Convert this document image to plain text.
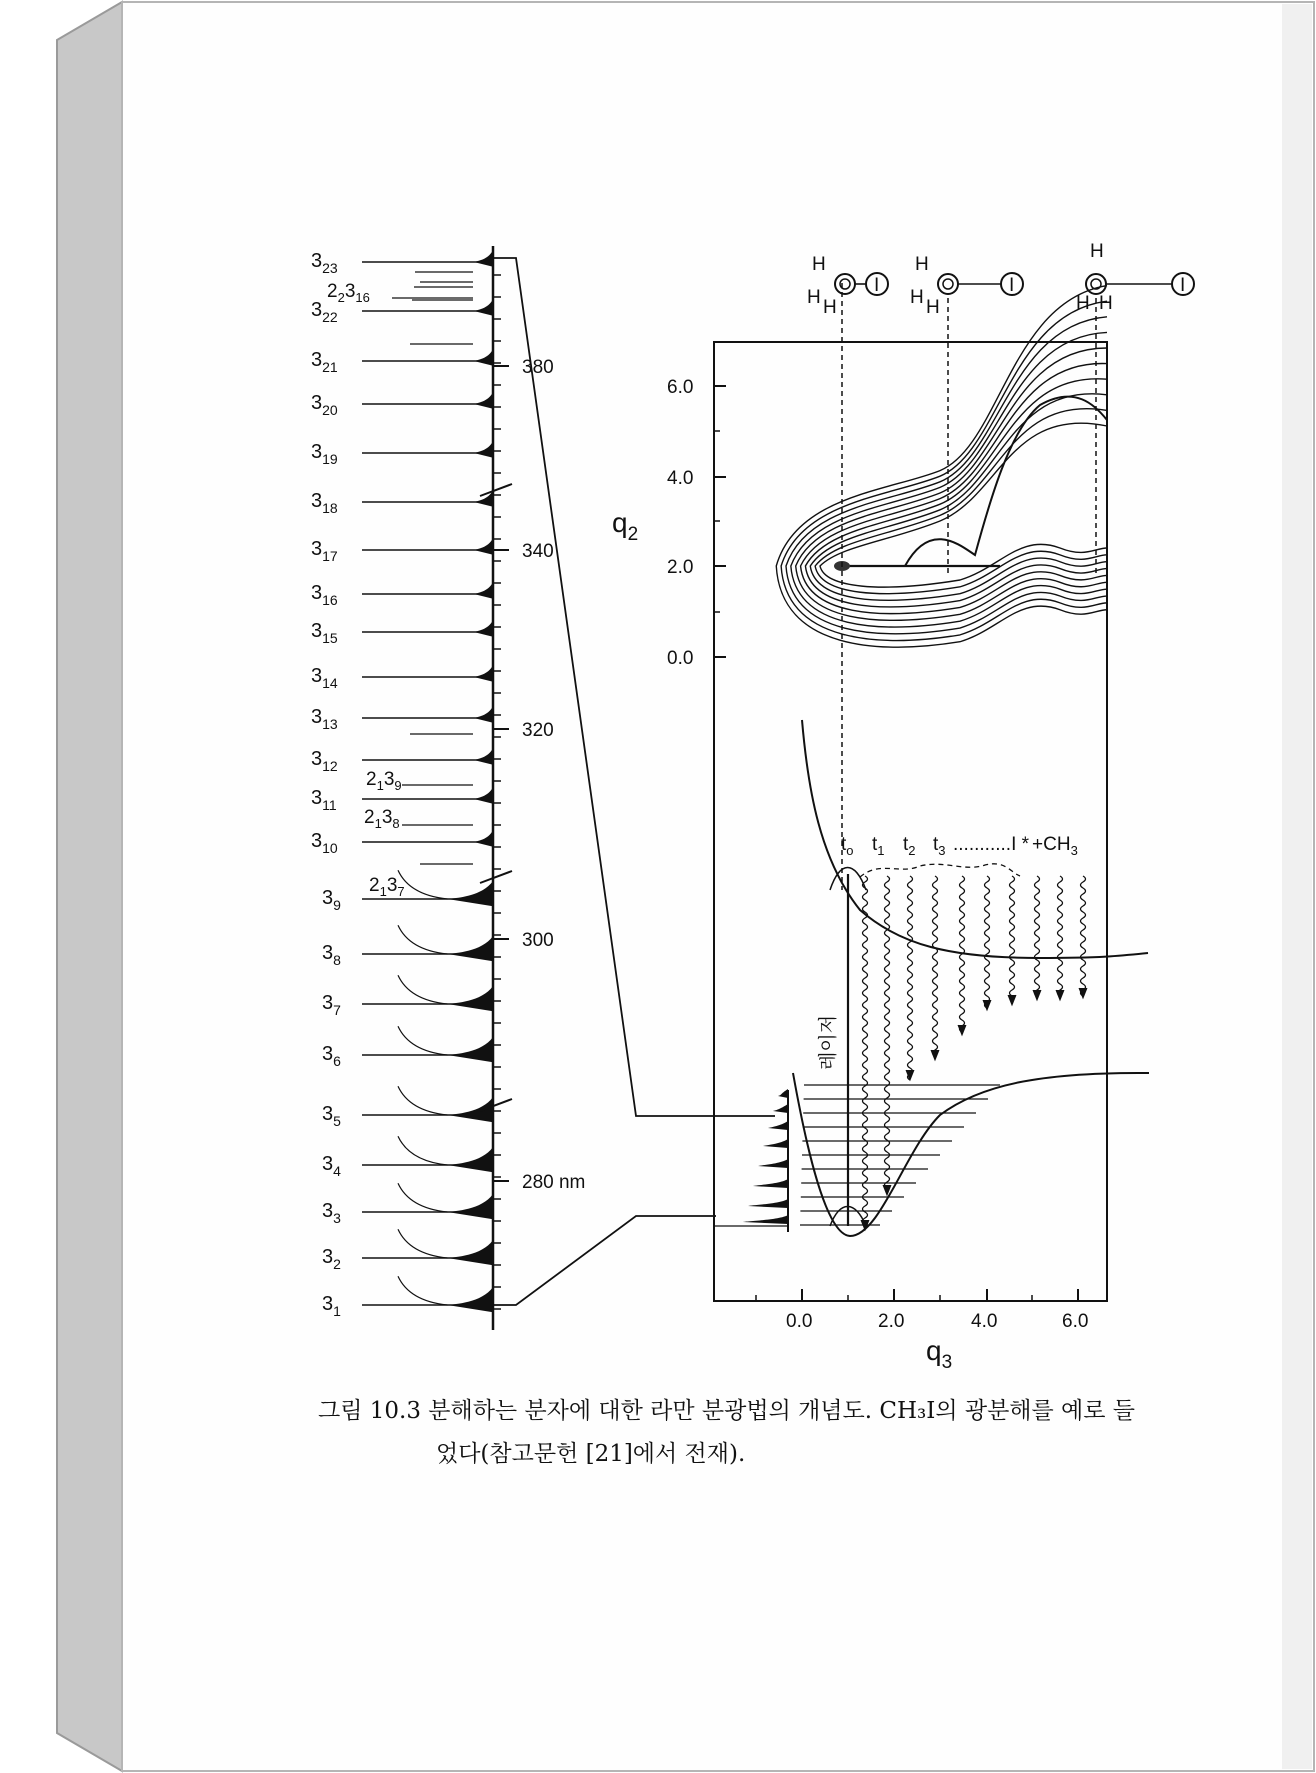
$3_{23}$
$3_{22}$
$3_{21}$
$3_{20}$
$3_{19}$
$3_{18}$
$3_{17}$
$3_{16}$
$3_{15}$
$3_{14}$
$3_{13}$
$3_{12}$
$3_{11}$
$3_{10}$
$3_9$
$3_8$
$3_7$
$3_6$
$3_5$
$3_4$
$3_3$
$3_2$
$3_1$
$2_23_{16}$
$2_13_9$
$2_13_8$
$2_13_7$
380
340
320
300
280 nm
6.0
4.0
2.0
0.0
0.0	2.0	4.0	6.0
I
H
H H
I
H
H H
I
H
H H
$q_2$
$q_3$
$t_o$ $t_1$ $t_2$ $t_3$ $...........I * +CH_3$
레이저
그림 10.3 분해하는 분자에 대한 라만 분광법의 개념도. CH₃I의 광분해를 예로 들
었다(참고문헌 [21]에서 전재).
